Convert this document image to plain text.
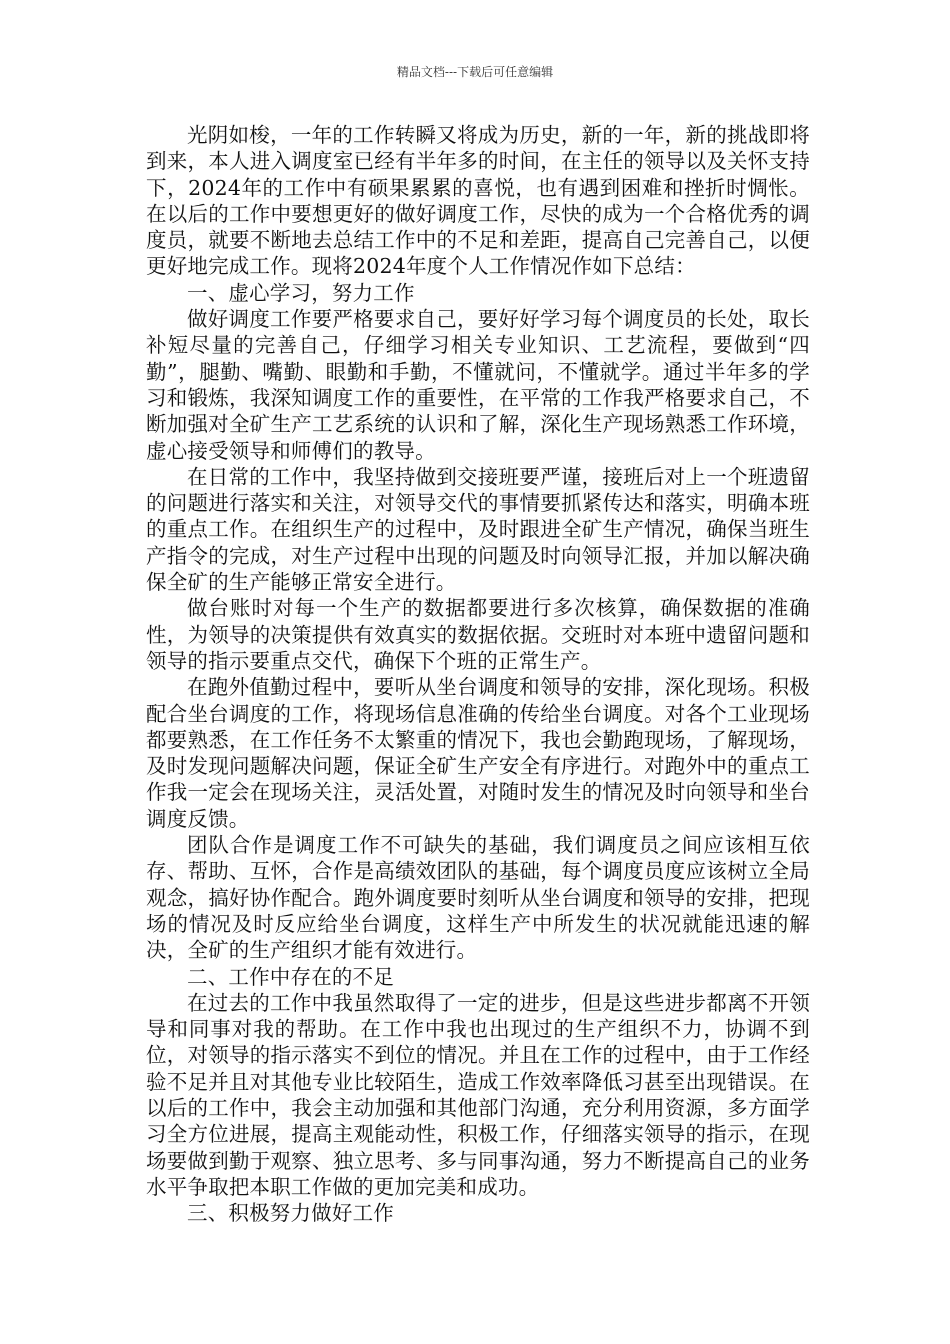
精品文档---下载后可任意编辑

光阴如梭，一年的工作转瞬又将成为历史，新的一年，新的挑战即将到来，本人进入调度室已经有半年多的时间，在主任的领导以及关怀支持下，2024年的工作中有硕果累累的喜悦，也有遇到困难和挫折时惆怅。在以后的工作中要想更好的做好调度工作，尽快的成为一个合格优秀的调度员，就要不断地去总结工作中的不足和差距，提高自己完善自己，以便更好地完成工作。现将2024年度个人工作情况作如下总结：

一、虚心学习，努力工作

做好调度工作要严格要求自己，要好好学习每个调度员的长处，取长补短尽量的完善自己，仔细学习相关专业知识、工艺流程，要做到“四勤”，腿勤、嘴勤、眼勤和手勤，不懂就问，不懂就学。通过半年多的学习和锻炼，我深知调度工作的重要性，在平常的工作我严格要求自己，不断加强对全矿生产工艺系统的认识和了解，深化生产现场熟悉工作环境，虚心接受领导和师傅们的教导。

在日常的工作中，我坚持做到交接班要严谨，接班后对上一个班遗留的问题进行落实和关注，对领导交代的事情要抓紧传达和落实，明确本班的重点工作。在组织生产的过程中，及时跟进全矿生产情况，确保当班生产指令的完成，对生产过程中出现的问题及时向领导汇报，并加以解决确保全矿的生产能够正常安全进行。

做台账时对每一个生产的数据都要进行多次核算，确保数据的准确性，为领导的决策提供有效真实的数据依据。交班时对本班中遗留问题和领导的指示要重点交代，确保下个班的正常生产。

在跑外值勤过程中，要听从坐台调度和领导的安排，深化现场。积极配合坐台调度的工作，将现场信息准确的传给坐台调度。对各个工业现场都要熟悉，在工作任务不太繁重的情况下，我也会勤跑现场，了解现场，及时发现问题解决问题，保证全矿生产安全有序进行。对跑外中的重点工作我一定会在现场关注，灵活处置，对随时发生的情况及时向领导和坐台调度反馈。

团队合作是调度工作不可缺失的基础，我们调度员之间应该相互依存、帮助、互怀，合作是高绩效团队的基础，每个调度员度应该树立全局观念，搞好协作配合。跑外调度要时刻听从坐台调度和领导的安排，把现场的情况及时反应给坐台调度，这样生产中所发生的状况就能迅速的解决，全矿的生产组织才能有效进行。

二、工作中存在的不足

在过去的工作中我虽然取得了一定的进步，但是这些进步都离不开领导和同事对我的帮助。在工作中我也出现过的生产组织不力，协调不到位，对领导的指示落实不到位的情况。并且在工作的过程中，由于工作经验不足并且对其他专业比较陌生，造成工作效率降低习甚至出现错误。在以后的工作中，我会主动加强和其他部门沟通，充分利用资源，多方面学习全方位进展，提高主观能动性，积极工作，仔细落实领导的指示，在现场要做到勤于观察、独立思考、多与同事沟通，努力不断提高自己的业务水平争取把本职工作做的更加完美和成功。

三、积极努力做好工作
